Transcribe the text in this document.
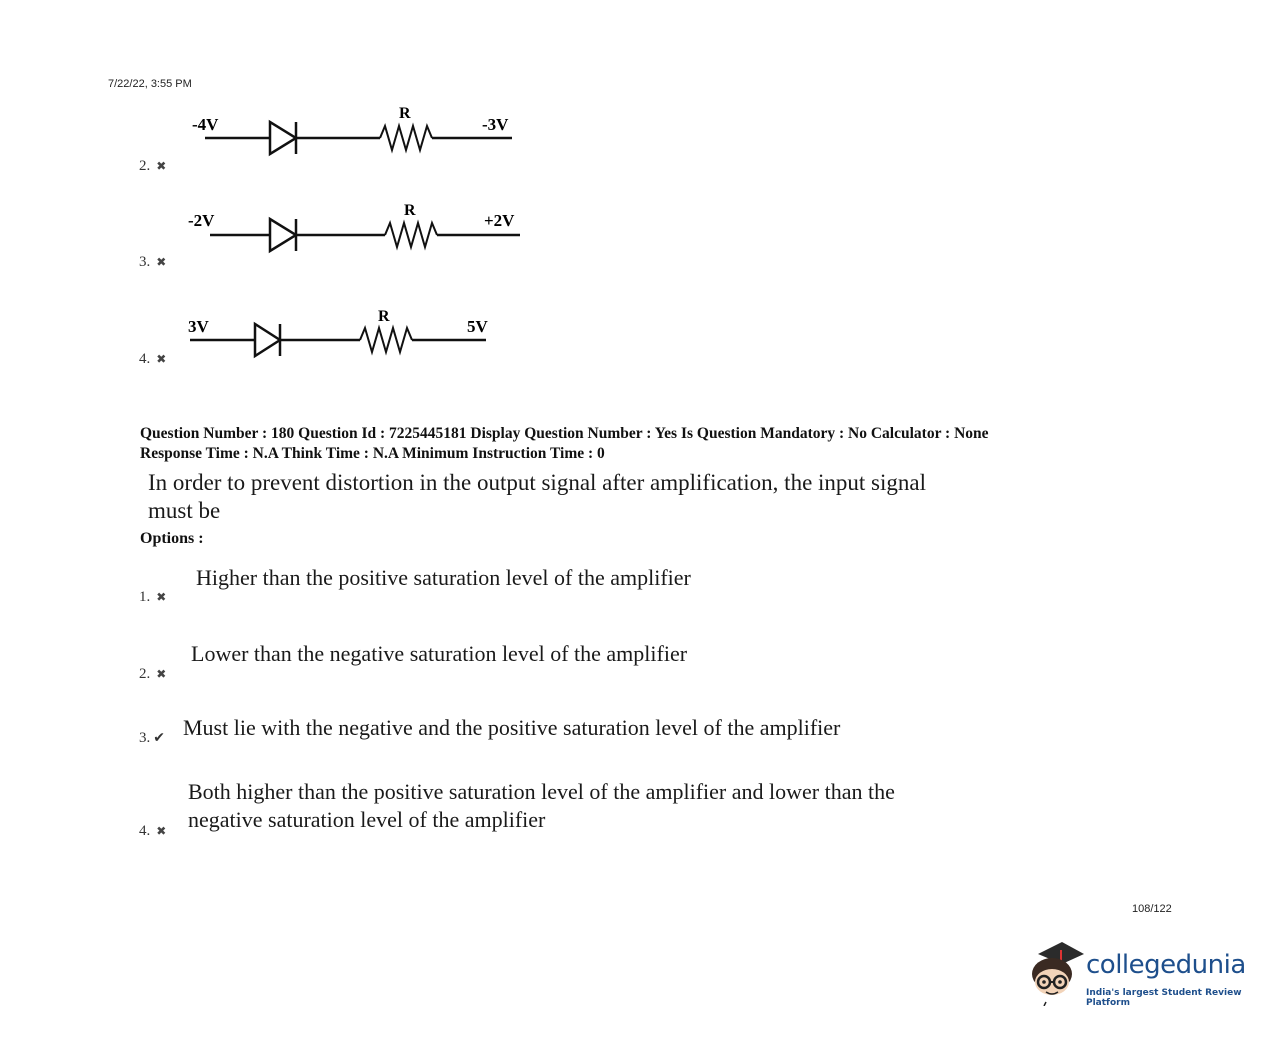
7/22/22, 3:55 PM
2. ✖
-4V
R
-3V
3. ✖
-2V
R
+2V
4. ✖
3V
R
5V
Question Number : 180 Question Id : 7225445181 Display Question Number : Yes Is Question Mandatory : No Calculator : None
Response Time : N.A Think Time : N.A Minimum Instruction Time : 0
In order to prevent distortion in the output signal after amplification, the input signal must be
Options :
Higher than the positive saturation level of the amplifier
1. ✖
Lower than the negative saturation level of the amplifier
2. ✖
Must lie with the negative and the positive saturation level of the amplifier
3. ✔
Both higher than the positive saturation level of the amplifier and lower than the negative saturation level of the amplifier
4. ✖
108/122
collegedunia
India's largest Student Review Platform
